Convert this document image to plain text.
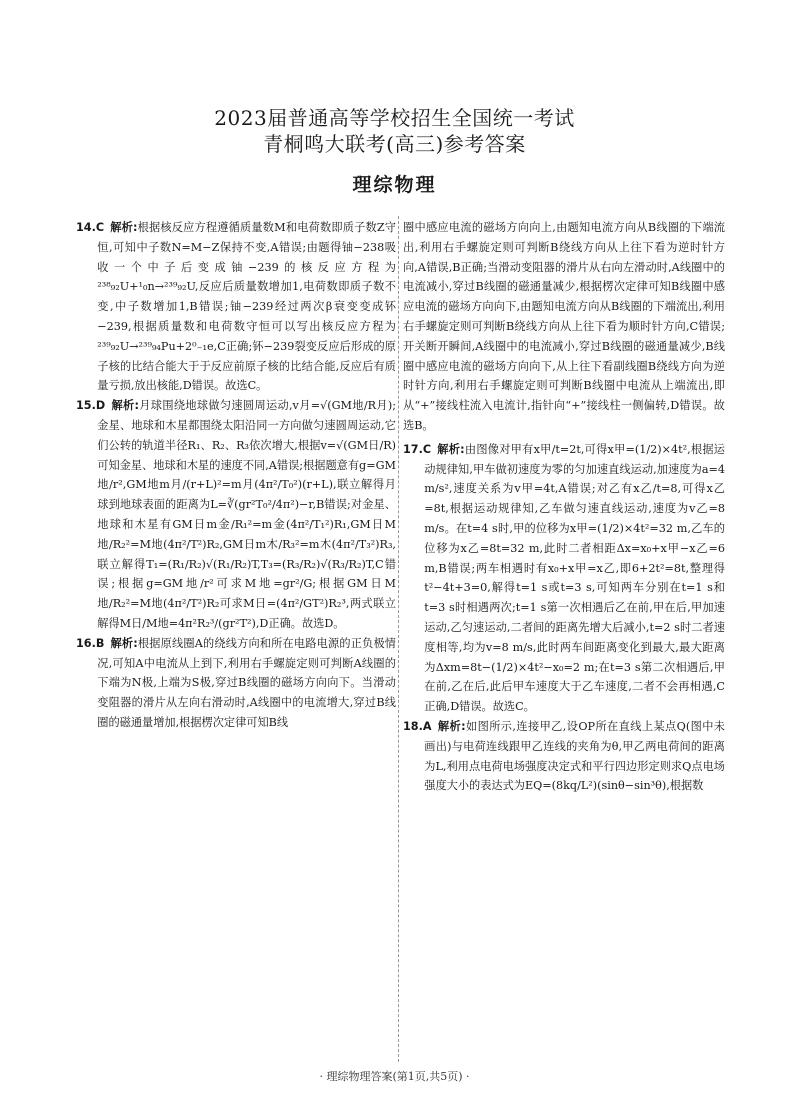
2023届普通高等学校招生全国统一考试
青桐鸣大联考(高三)参考答案
理综物理

14.C 解析:根据核反应方程遵循质量数M和电荷数即质子数Z守恒,可知中子数N=M−Z保持不变,A错误;由题得铀−238吸收一个中子后变成铀−239的核反应方程为²³⁸₉₂U+¹₀n→²³⁹₉₂U,反应后质量数增加1,电荷数即质子数不变,中子数增加1,B错误;铀−239经过两次β衰变变成钚−239,根据质量数和电荷数守恒可以写出核反应方程为²³⁹₉₂U→²³⁹₉₄Pu+2⁰₋₁e,C正确;钚−239裂变反应后形成的原子核的比结合能大于于反应前原子核的比结合能,反应后有质量亏损,放出核能,D错误。故选C。

15.D 解析:月球围绕地球做匀速圆周运动,v月=√(GM地/R月);金星、地球和木星都围绕太阳沿同一方向做匀速圆周运动,它们公转的轨道半径R₁、R₂、R₃依次增大,根据v=√(GM日/R)可知金星、地球和木星的速度不同,A错误;根据题意有g=GM地/r²,GM地m月/(r+L)²=m月(4π²/T₀²)(r+L),联立解得月球到地球表面的距离为L=∛(gr²T₀²/4π²)−r,B错误;对金星、地球和木星有GM日m金/R₁²=m金(4π²/T₁²)R₁,GM日M地/R₂²=M地(4π²/T²)R₂,GM日m木/R₃²=m木(4π²/T₃²)R₃,联立解得T₁=(R₁/R₂)√(R₁/R₂)T,T₃=(R₃/R₂)√(R₃/R₂)T,C错误;根据g=GM地/r²可求M地=gr²/G;根据GM日M地/R₂²=M地(4π²/T²)R₂可求M日=(4π²/GT²)R₂³,两式联立解得M日/M地=4π²R₂³/(gr²T²),D正确。故选D。

16.B 解析:根据原线圈A的绕线方向和所在电路电源的正负极情况,可知A中电流从上到下,利用右手螺旋定则可判断A线圈的下端为N极,上端为S极,穿过B线圈的磁场方向向下。当滑动变阻器的滑片从左向右滑动时,A线圈中的电流增大,穿过B线圈的磁通量增加,根据楞次定律可知B线

圈中感应电流的磁场方向向上,由题知电流方向从B线圈的下端流出,利用右手螺旋定则可判断B绕线方向从上往下看为逆时针方向,A错误,B正确;当滑动变阻器的滑片从右向左滑动时,A线圈中的电流减小,穿过B线圈的磁通量减少,根据楞次定律可知B线圈中感应电流的磁场方向向下,由题知电流方向从B线圈的下端流出,利用右手螺旋定则可判断B绕线方向从上往下看为顺时针方向,C错误;开关断开瞬间,A线圈中的电流减小,穿过B线圈的磁通量减少,B线圈中感应电流的磁场方向向下,从上往下看副线圈B绕线方向为逆时针方向,利用右手螺旋定则可判断B线圈中电流从上端流出,即从“+”接线柱流入电流计,指针向“+”接线柱一侧偏转,D错误。故选B。

17.C 解析:由图像对甲有x甲/t=2t,可得x甲=(1/2)×4t²,根据运动规律知,甲车做初速度为零的匀加速直线运动,加速度为a=4 m/s²,速度关系为v甲=4t,A错误;对乙有x乙/t=8,可得x乙=8t,根据运动规律知,乙车做匀速直线运动,速度为v乙=8 m/s。在t=4 s时,甲的位移为x甲=(1/2)×4t²=32 m,乙车的位移为x乙=8t=32 m,此时二者相距Δx=x₀+x甲−x乙=6 m,B错误;两车相遇时有x₀+x甲=x乙,即6+2t²=8t,整理得t²−4t+3=0,解得t=1 s或t=3 s,可知两车分别在t=1 s和t=3 s时相遇两次;t=1 s第一次相遇后乙在前,甲在后,甲加速运动,乙匀速运动,二者间的距离先增大后减小,t=2 s时二者速度相等,均为v=8 m/s,此时两车间距离变化到最大,最大距离为Δxm=8t−(1/2)×4t²−x₀=2 m;在t=3 s第二次相遇后,甲在前,乙在后,此后甲车速度大于乙车速度,二者不会再相遇,C正确,D错误。故选C。

18.A 解析:如图所示,连接甲乙,设OP所在直线上某点Q(图中未画出)与电荷连线跟甲乙连线的夹角为θ,甲乙两电荷间的距离为L,利用点电荷电场强度决定式和平行四边形定则求Q点电场强度大小的表达式为EQ=(8kq/L²)(sinθ−sin³θ),根据数

· 理综物理答案(第1页,共5页) ·
